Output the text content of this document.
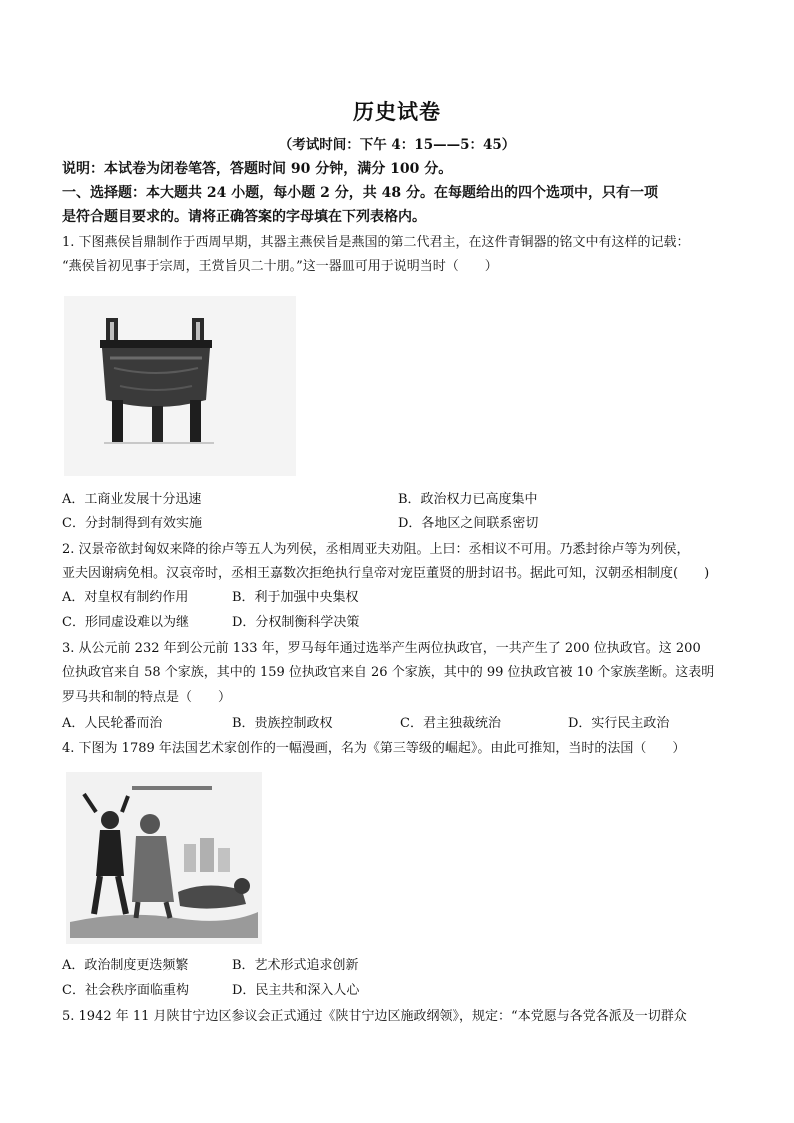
历史试卷
（考试时间：下午 4：15——5：45）
说明：本试卷为闭卷笔答，答题时间 90 分钟，满分 100 分。
一、选择题：本大题共 24 小题，每小题 2 分，共 48 分。在每题给出的四个选项中，只有一项
是符合题目要求的。请将正确答案的字母填在下列表格内。
1. 下图燕侯旨鼎制作于西周早期，其器主燕侯旨是燕国的第二代君主，在这件青铜器的铭文中有这样的记载：
“燕侯旨初见事于宗周，王赏旨贝二十朋。”这一器皿可用于说明当时（　　）
A．工商业发展十分迅速	B．政治权力已高度集中
C．分封制得到有效实施	D．各地区之间联系密切
2. 汉景帝欲封匈奴来降的徐卢等五人为列侯，丞相周亚夫劝阻。上曰：丞相议不可用。乃悉封徐卢等为列侯，
亚夫因谢病免相。汉哀帝时，丞相王嘉数次拒绝执行皇帝对宠臣董贤的册封诏书。据此可知，汉朝丞相制度(　　)
A．对皇权有制约作用	B．利于加强中央集权
C．形同虚设难以为继	D．分权制衡科学决策
3. 从公元前 232 年到公元前 133 年，罗马每年通过选举产生两位执政官，一共产生了 200 位执政官。这 200
位执政官来自 58 个家族，其中的 159 位执政官来自 26 个家族，其中的 99 位执政官被 10 个家族垄断。这表明
罗马共和制的特点是（　　）
A．人民轮番而治	B．贵族控制政权	C．君主独裁统治	D．实行民主政治
4. 下图为 1789 年法国艺术家创作的一幅漫画，名为《第三等级的崛起》。由此可推知，当时的法国（　　）
A．政治制度更迭频繁	B．艺术形式追求创新
C．社会秩序面临重构	D．民主共和深入人心
5. 1942 年 11 月陕甘宁边区参议会正式通过《陕甘宁边区施政纲领》，规定：“本党愿与各党各派及一切群众
